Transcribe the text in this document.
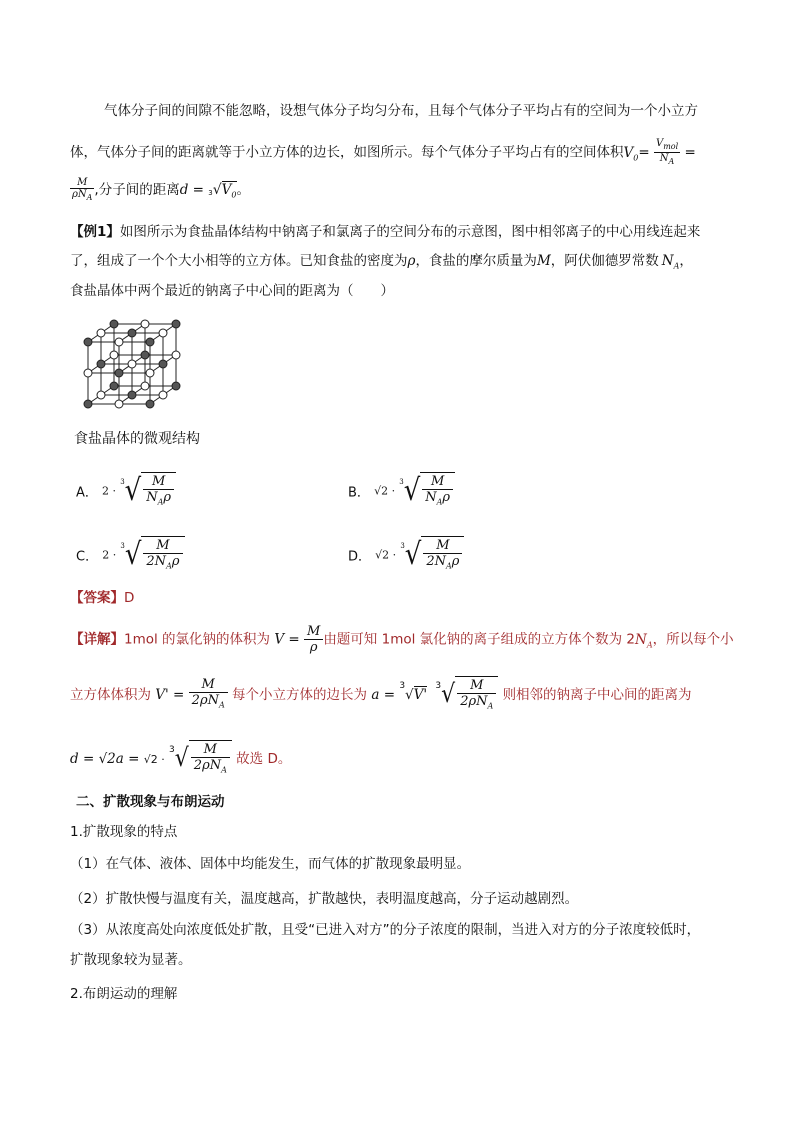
气体分子间的间隙不能忽略，设想气体分子均匀分布，且每个气体分子平均占有的空间为一个小立方
体，气体分子间的距离就等于小立方体的边长，如图所示。每个气体分子平均占有的空间体积$V_0= \frac{V_{mol}}{N_A}$ =
$\frac{M}{\rho N_A}$ ,分子间的距离$d = ^3√V_0$。
【例1】如图所示为食盐晶体结构中钠离子和氯离子的空间分布的示意图，图中相邻离子的中心用线连起来
了，组成了一个个大小相等的立方体。已知食盐的密度为ρ，食盐的摩尔质量为M，阿伏伽德罗常数 $N_A$，
食盐晶体中两个最近的钠离子中心间的距离为（　　）
食盐晶体的微观结构
A． $2 \cdot ^3√ \frac{M}{N_A\rho}$	B． $√2 \cdot ^3√ \frac{M}{N_A\rho}$
C． $2 \cdot ^3√ \frac{M}{2N_A\rho}$	D． $√2 \cdot ^3√ \frac{M}{2N_A\rho}$
【答案】D
【详解】1mol 的氯化钠的体积为 $V = \frac{M}{\rho}$ 由题可知 1mol 氯化钠的离子组成的立方体个数为 $2N_A$，所以每个小
立方体体积为 $V' = \frac{M}{2\rho N_A}$ 每个小立方体的边长为 a = $^3$√V' $^3√ \frac{M}{2\rho N_A}$ 则相邻的钠离子中心间的距离为
$d = √2a = √2 \cdot ^3√ \frac{M}{2\rho N_A}$ 故选 D。
二、扩散现象与布朗运动
1.扩散现象的特点
（1）在气体、液体、固体中均能发生，而气体的扩散现象最明显。
（2）扩散快慢与温度有关，温度越高，扩散越快，表明温度越高，分子运动越剧烈。
（3）从浓度高处向浓度低处扩散，且受“已进入对方”的分子浓度的限制，当进入对方的分子浓度较低时，
扩散现象较为显著。
2.布朗运动的理解
